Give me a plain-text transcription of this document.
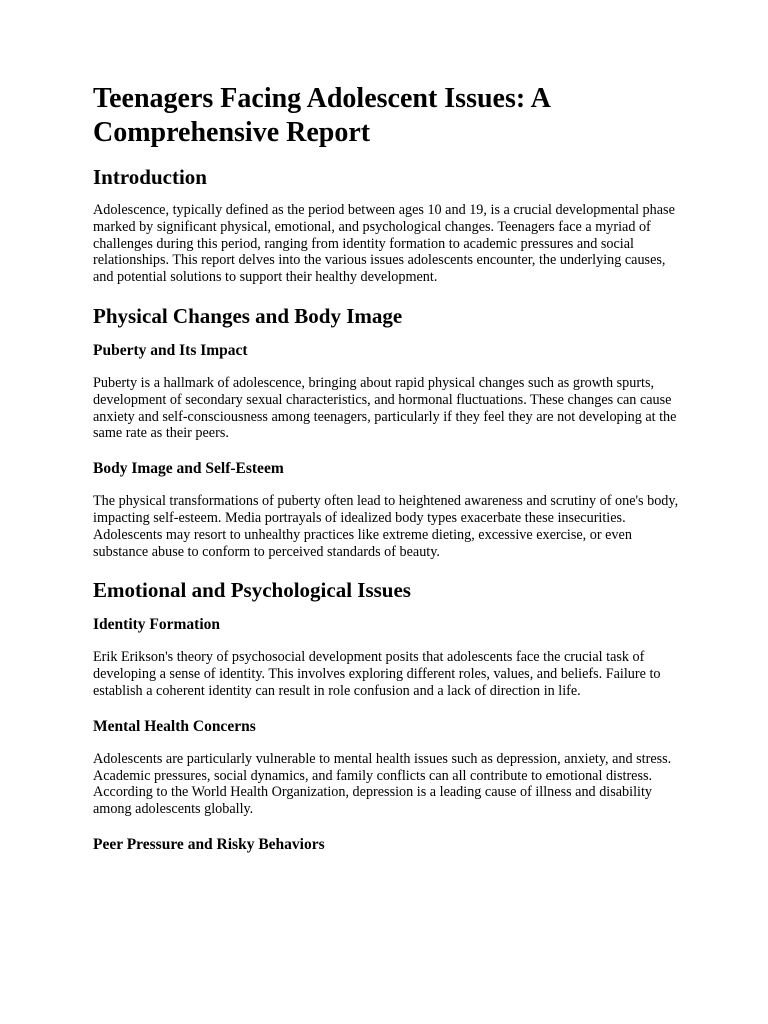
Teenagers Facing Adolescent Issues: A Comprehensive Report
Introduction

Adolescence, typically defined as the period between ages 10 and 19, is a crucial developmental phase marked by significant physical, emotional, and psychological changes. Teenagers face a myriad of challenges during this period, ranging from identity formation to academic pressures and social relationships. This report delves into the various issues adolescents encounter, the underlying causes, and potential solutions to support their healthy development.

Physical Changes and Body Image
Puberty and Its Impact

Puberty is a hallmark of adolescence, bringing about rapid physical changes such as growth spurts, development of secondary sexual characteristics, and hormonal fluctuations. These changes can cause anxiety and self-consciousness among teenagers, particularly if they feel they are not developing at the same rate as their peers.

Body Image and Self-Esteem

The physical transformations of puberty often lead to heightened awareness and scrutiny of one's body, impacting self-esteem. Media portrayals of idealized body types exacerbate these insecurities. Adolescents may resort to unhealthy practices like extreme dieting, excessive exercise, or even substance abuse to conform to perceived standards of beauty.

Emotional and Psychological Issues
Identity Formation

Erik Erikson's theory of psychosocial development posits that adolescents face the crucial task of developing a sense of identity. This involves exploring different roles, values, and beliefs. Failure to establish a coherent identity can result in role confusion and a lack of direction in life.

Mental Health Concerns

Adolescents are particularly vulnerable to mental health issues such as depression, anxiety, and stress. Academic pressures, social dynamics, and family conflicts can all contribute to emotional distress. According to the World Health Organization, depression is a leading cause of illness and disability among adolescents globally.

Peer Pressure and Risky Behaviors
